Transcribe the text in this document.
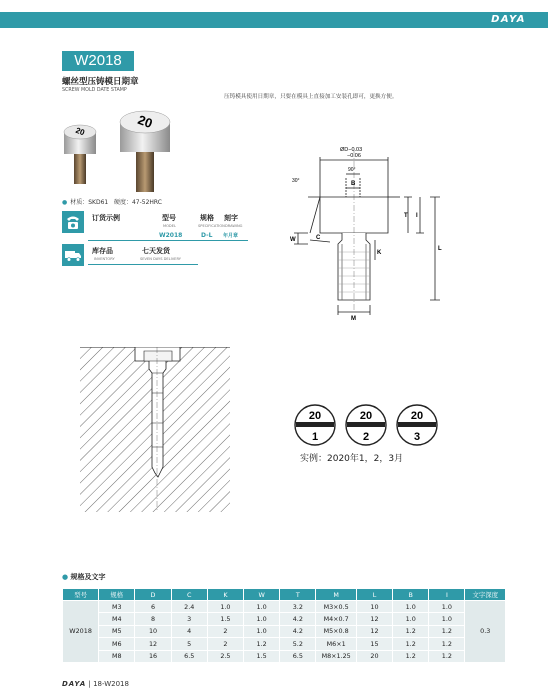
DAYA
W2018
螺丝型压铸模日期章
SCREW MOLD DATE STAMP
压铸模具使用日期章，只要在模具上直接加工安装孔即可，更换方便。
20
20
● 材质：SKD61 硬度：47-52HRC
订货示例	型号	规格 刻字
MODEL	SPECIFICATION DRAWING
W2018	D-L 年月章
库存品	七天发货
INVENTORY	SEVEN DAYS DELIVERY
ØD−0.03
−0.06
90°
30°	B
T I
W	C
K
L
M
20
1
20
2
20
3
实例：2020年1，2，3月
● 规格及文字
型号	规格	D	C	K	W	T	M	L	B	I	文字深度
W2018	M3	6	2.4	1.0	1.0	3.2	M3×0.5	10	1.0	1.0	0.3
	M4	8	3	1.5	1.0	4.2	M4×0.7	12	1.0	1.0	
	M5	10	4	2	1.0	4.2	M5×0.8	12	1.2	1.2	
	M6	12	5	2	1.2	5.2	M6×1	15	1.2	1.2	
	M8	16	6.5	2.5	1.5	6.5	M8×1.25	20	1.2	1.2	
DAYA | 18-W2018
